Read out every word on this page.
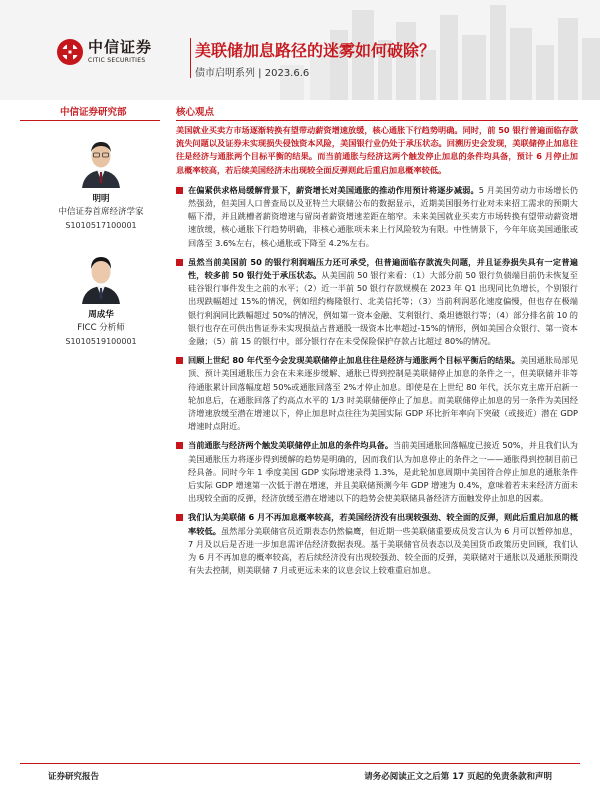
中信证券
CITIC SECURITIES
美联储加息路径的迷雾如何破除？
债市启明系列 | 2023.6.6
中信证券研究部	核心观点
明明
中信证券首席经济学家
S1010517100001
周成华
FICC 分析师
S1010519100001
美国就业买卖方市场逐渐转换有望带动薪资增速放缓，核心通胀下行趋势明确。同时，前 50 银行普遍面临存款流失问题以及证券未实现损失侵蚀资本风险，美国银行业仍处于承压状态。回溯历史会发现，美联储停止加息往往是经济与通胀两个目标平衡的结果。而当前通胀与经济这两个触发停止加息的条件均具备，预计 6 月停止加息概率较高，若后续美国经济未出现较全面反弹则此后重启加息概率较低。
在偏紧供求格局缓解背景下，薪资增长对美国通胀的推动作用预计将逐步减弱。5 月美国劳动力市场增长仍然强劲，但美国人口普查局以及亚特兰大联储公布的数据显示，近期美国服务行业对未来招工需求的预期大幅下滑，并且跳槽者薪资增速与留岗者薪资增速差距在缩窄。未来美国就业买卖方市场转换有望带动薪资增速放缓，核心通胀下行趋势明确，非核心通胀项未来上行风险较为有限。中性情景下，今年年底美国通胀或回落至 3.6%左右，核心通胀或下降至 4.2%左右。
虽然当前美国前 50 的银行利润端压力还可承受，但普遍面临存款流失问题，并且证券损失具有一定普遍性，较多前 50 银行处于承压状态。从美国前 50 银行来看：（1）大部分前 50 银行负债端目前仍未恢复至硅谷银行事件发生之前的水平；（2）近一半前 50 银行存款规模在 2023 年 Q1 出现同比负增长，个别银行出现跌幅超过 15%的情况，例如纽约梅隆银行、北美信托等；（3）当前利润恶化速度偏慢，但也存在极端银行利润同比跌幅超过 50%的情况，例如第一资本金融、艾利银行、桑坦德银行等；（4）部分排名前 10 的银行也存在可供出售证券未实现损益占普通股一级资本比率超过-15%的情形，例如美国合众银行、第一资本金融；（5）前 15 的银行中，部分银行存在未受保险保护存款占比超过 80%的情况。
回顾上世纪 80 年代至今会发现美联储停止加息往往是经济与通胀两个目标平衡后的结果。美国通胀局部见顶、预计美国通胀压力会在未来逐步缓解、通胀已得到控制是美联储停止加息的条件之一，但美联储并非等待通胀累计回落幅度超 50%或通胀回落至 2%才停止加息。即使是在上世纪 80 年代，沃尔克主席开启新一轮加息后，在通胀回落了约高点水平的 1/3 时美联储便停止了加息。而美联储停止加息的另一条件为美国经济增速放缓至潜在增速以下，停止加息时点往往为美国实际 GDP 环比折年率向下突破（或接近）潜在 GDP 增速时点附近。
当前通胀与经济两个触发美联储停止加息的条件均具备。当前美国通胀回落幅度已接近 50%，并且我们认为美国通胀压力将逐步得到缓解的趋势是明确的，因而我们认为加息停止的条件之一——通胀得到控制目前已经具备。同时今年 1 季度美国 GDP 实际增速录得 1.3%，是此轮加息周期中美国符合停止加息的通胀条件后实际 GDP 增速第一次低于潜在增速，并且美联储预测今年 GDP 增速为 0.4%，意味着若未来经济方面未出现较全面的反弹，经济放缓至潜在增速以下的趋势会使美联储具备经济方面触发停止加息的因素。
我们认为美联储 6 月不再加息概率较高，若美国经济没有出现较强劲、较全面的反弹，则此后重启加息的概率较低。虽然部分美联储官员近期表态仍然偏鹰，但近期一些美联储重要成员发言认为 6 月可以暂停加息，7 月及以后是否进一步加息需评估经济数据表现。基于美联储官员表态以及美国货币政策历史回顾，我们认为 6 月不再加息的概率较高，若后续经济没有出现较强劲、较全面的反弹，美联储对于通胀以及通胀预期没有失去控制，则美联储 7 月或更远未来的议息会议上较难重启加息。
证券研究报告	请务必阅读正文之后第 17 页起的免责条款和声明
